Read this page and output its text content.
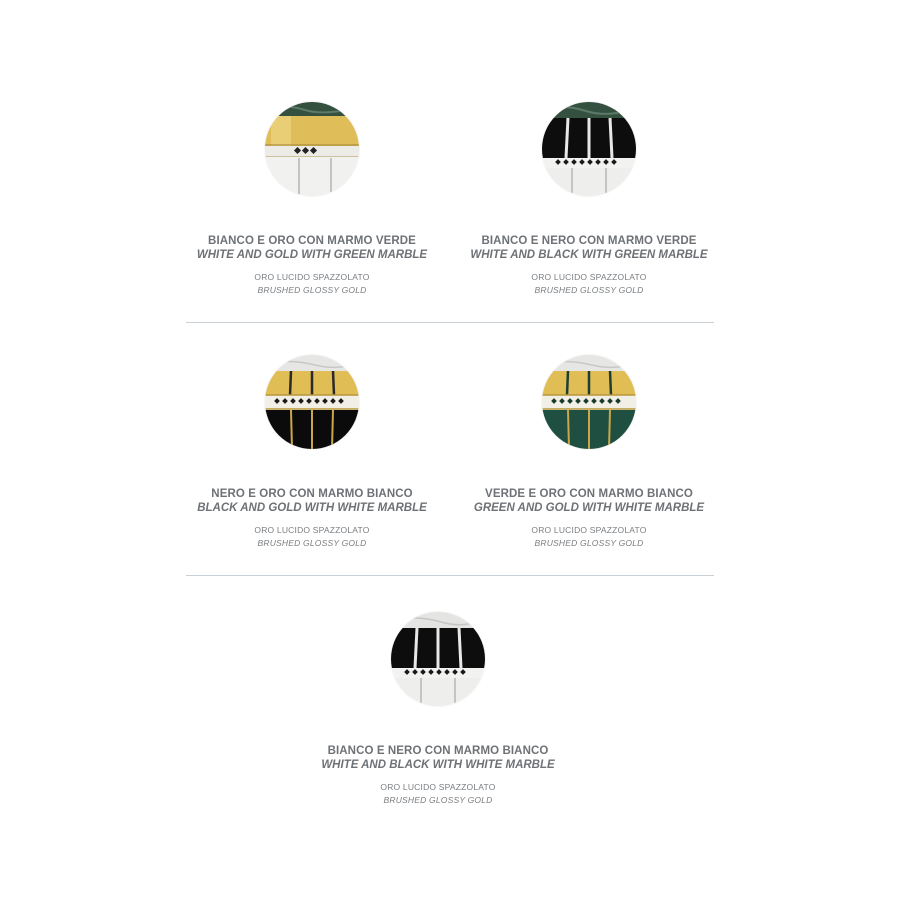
BIANCO E ORO CON MARMO VERDE
WHITE AND GOLD WITH GREEN MARBLE
ORO LUCIDO SPAZZOLATO
BRUSHED GLOSSY GOLD
BIANCO E NERO CON MARMO VERDE
WHITE AND BLACK WITH GREEN MARBLE
ORO LUCIDO SPAZZOLATO
BRUSHED GLOSSY GOLD
NERO E ORO CON MARMO BIANCO
BLACK AND GOLD WITH WHITE MARBLE
ORO LUCIDO SPAZZOLATO
BRUSHED GLOSSY GOLD
VERDE E ORO CON MARMO BIANCO
GREEN AND GOLD WITH WHITE MARBLE
ORO LUCIDO SPAZZOLATO
BRUSHED GLOSSY GOLD
BIANCO E NERO CON MARMO BIANCO
WHITE AND BLACK WITH WHITE MARBLE
ORO LUCIDO SPAZZOLATO
BRUSHED GLOSSY GOLD
